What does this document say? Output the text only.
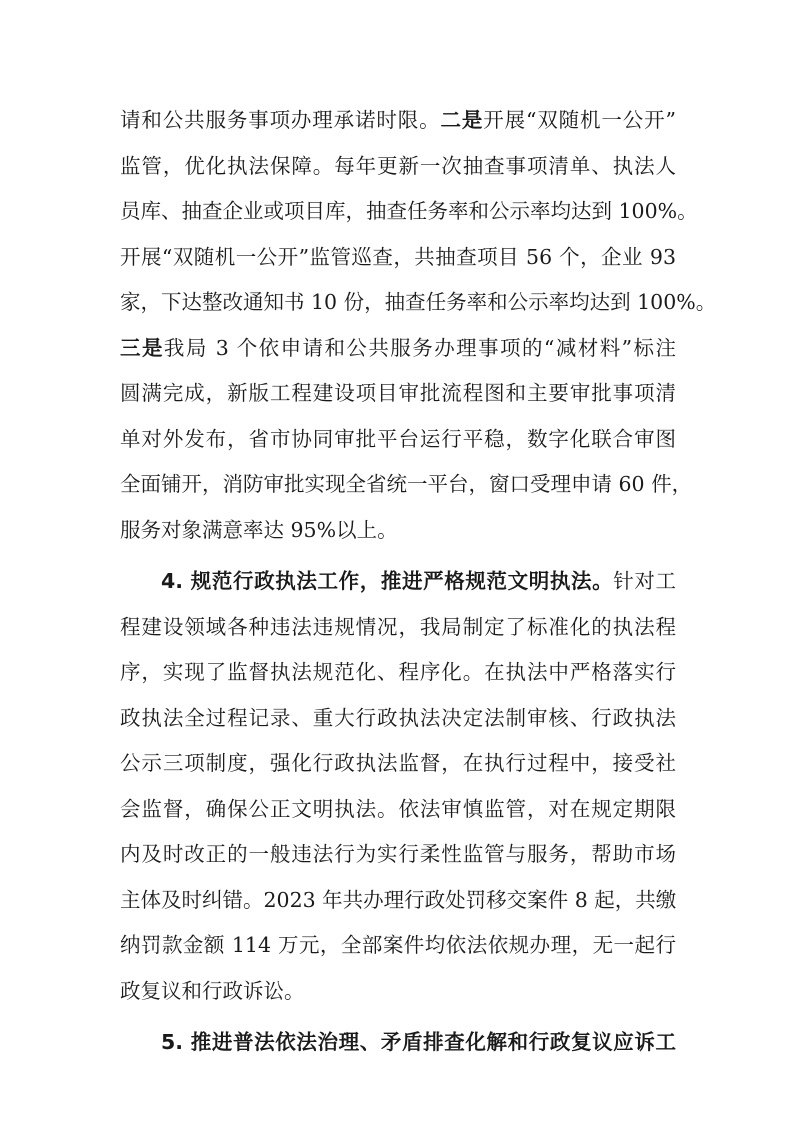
请和公共服务事项办理承诺时限。二是开展“双随机一公开”
监管，优化执法保障。每年更新一次抽查事项清单、执法人
员库、抽查企业或项目库，抽查任务率和公示率均达到 100%。
开展“双随机一公开”监管巡查，共抽查项目 56 个，企业 93
家，下达整改通知书 10 份，抽查任务率和公示率均达到 100%。
三是我局 3 个依申请和公共服务办理事项的“减材料”标注
圆满完成，新版工程建设项目审批流程图和主要审批事项清
单对外发布，省市协同审批平台运行平稳，数字化联合审图
全面铺开，消防审批实现全省统一平台，窗口受理申请 60 件，
服务对象满意率达 95%以上。
4. 规范行政执法工作，推进严格规范文明执法。针对工
程建设领域各种违法违规情况，我局制定了标准化的执法程
序，实现了监督执法规范化、程序化。在执法中严格落实行
政执法全过程记录、重大行政执法决定法制审核、行政执法
公示三项制度，强化行政执法监督，在执行过程中，接受社
会监督，确保公正文明执法。依法审慎监管，对在规定期限
内及时改正的一般违法行为实行柔性监管与服务，帮助市场
主体及时纠错。2023 年共办理行政处罚移交案件 8 起，共缴
纳罚款金额 114 万元，全部案件均依法依规办理，无一起行
政复议和行政诉讼。
5. 推进普法依法治理、矛盾排查化解和行政复议应诉工
